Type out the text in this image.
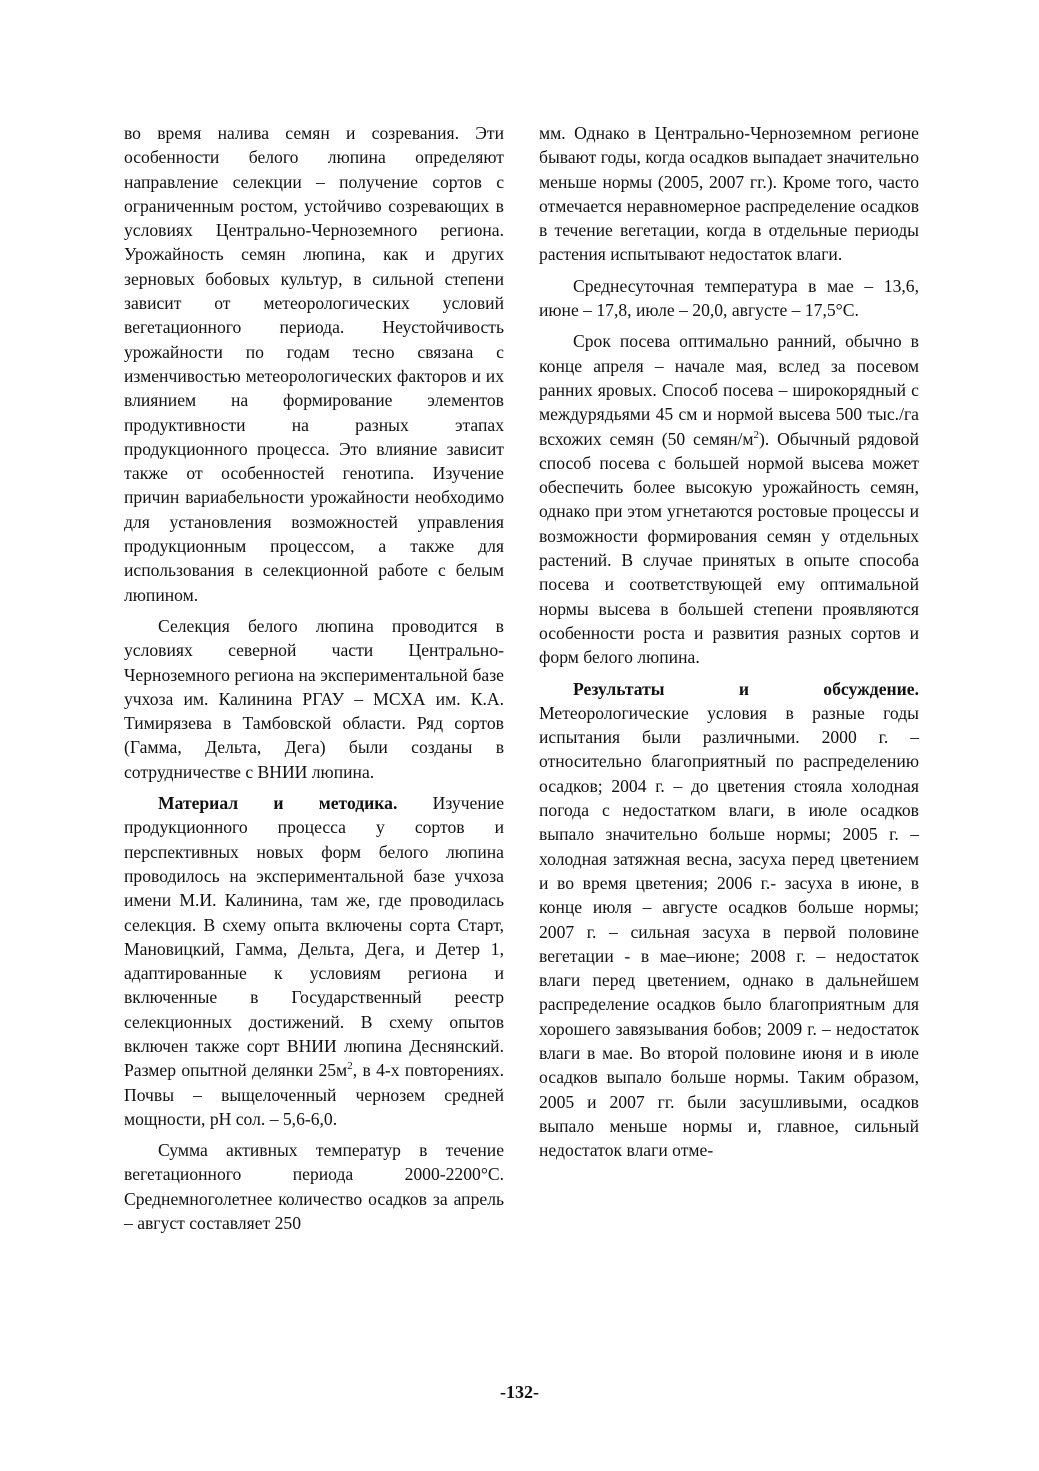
во время налива семян и созревания. Эти особенности белого люпина определяют направление селекции – получение сортов с ограниченным ростом, устойчиво созревающих в условиях Центрально-Черноземного региона. Урожайность семян люпина, как и других зерновых бобовых культур, в сильной степени зависит от метеорологических условий вегетационного периода. Неустойчивость урожайности по годам тесно связана с изменчивостью метеорологических факторов и их влиянием на формирование элементов продуктивности на разных этапах продукционного процесса. Это влияние зависит также от особенностей генотипа. Изучение причин вариабельности урожайности необходимо для установления возможностей управления продукционным процессом, а также для использования в селекционной работе с белым люпином.

Селекция белого люпина проводится в условиях северной части Центрально-Черноземного региона на экспериментальной базе учхоза им. Калинина РГАУ – МСХА им. К.А. Тимирязева в Тамбовской области. Ряд сортов (Гамма, Дельта, Дега) были созданы в сотрудничестве с ВНИИ люпина.

Материал и методика. Изучение продукционного процесса у сортов и перспективных новых форм белого люпина проводилось на экспериментальной базе учхоза имени М.И. Калинина, там же, где проводилась селекция. В схему опыта включены сорта Старт, Мановицкий, Гамма, Дельта, Дега, и Детер 1, адаптированные к условиям региона и включенные в Государственный реестр селекционных достижений. В схему опытов включен также сорт ВНИИ люпина Деснянский. Размер опытной делянки $25м^2$, в 4-х повторениях. Почвы – выщелоченный чернозем средней мощности, pH сол. – 5,6-6,0.

Сумма активных температур в течение вегетационного периода 2000-2200°С. Среднемноголетнее количество осадков за апрель – август составляет 250

мм. Однако в Центрально-Черноземном регионе бывают годы, когда осадков выпадает значительно меньше нормы (2005, 2007 гг.). Кроме того, часто отмечается неравномерное распределение осадков в течение вегетации, когда в отдельные периоды растения испытывают недостаток влаги.

Среднесуточная температура в мае – 13,6, июне – 17,8, июле – 20,0, августе – 17,5°С.

Срок посева оптимально ранний, обычно в конце апреля – начале мая, вслед за посевом ранних яровых. Способ посева – широкорядный с междурядьями 45 см и нормой высева 500 тыс./га всхожих семян (50 семян/$м^2$). Обычный рядовой способ посева с большей нормой высева может обеспечить более высокую урожайность семян, однако при этом угнетаются ростовые процессы и возможности формирования семян у отдельных растений. В случае принятых в опыте способа посева и соответствующей ему оптимальной нормы высева в большей степени проявляются особенности роста и развития разных сортов и форм белого люпина.

Результаты и обсуждение. Метеорологические условия в разные годы испытания были различными. 2000 г. – относительно благоприятный по распределению осадков; 2004 г. – до цветения стояла холодная погода с недостатком влаги, в июле осадков выпало значительно больше нормы; 2005 г. – холодная затяжная весна, засуха перед цветением и во время цветения; 2006 г.- засуха в июне, в конце июля – августе осадков больше нормы; 2007 г. – сильная засуха в первой половине вегетации - в мае–июне; 2008 г. – недостаток влаги перед цветением, однако в дальнейшем распределение осадков было благоприятным для хорошего завязывания бобов; 2009 г. – недостаток влаги в мае. Во второй половине июня и в июле осадков выпало больше нормы. Таким образом, 2005 и 2007 гг. были засушливыми, осадков выпало меньше нормы и, главное, сильный недостаток влаги отме-

-132-
